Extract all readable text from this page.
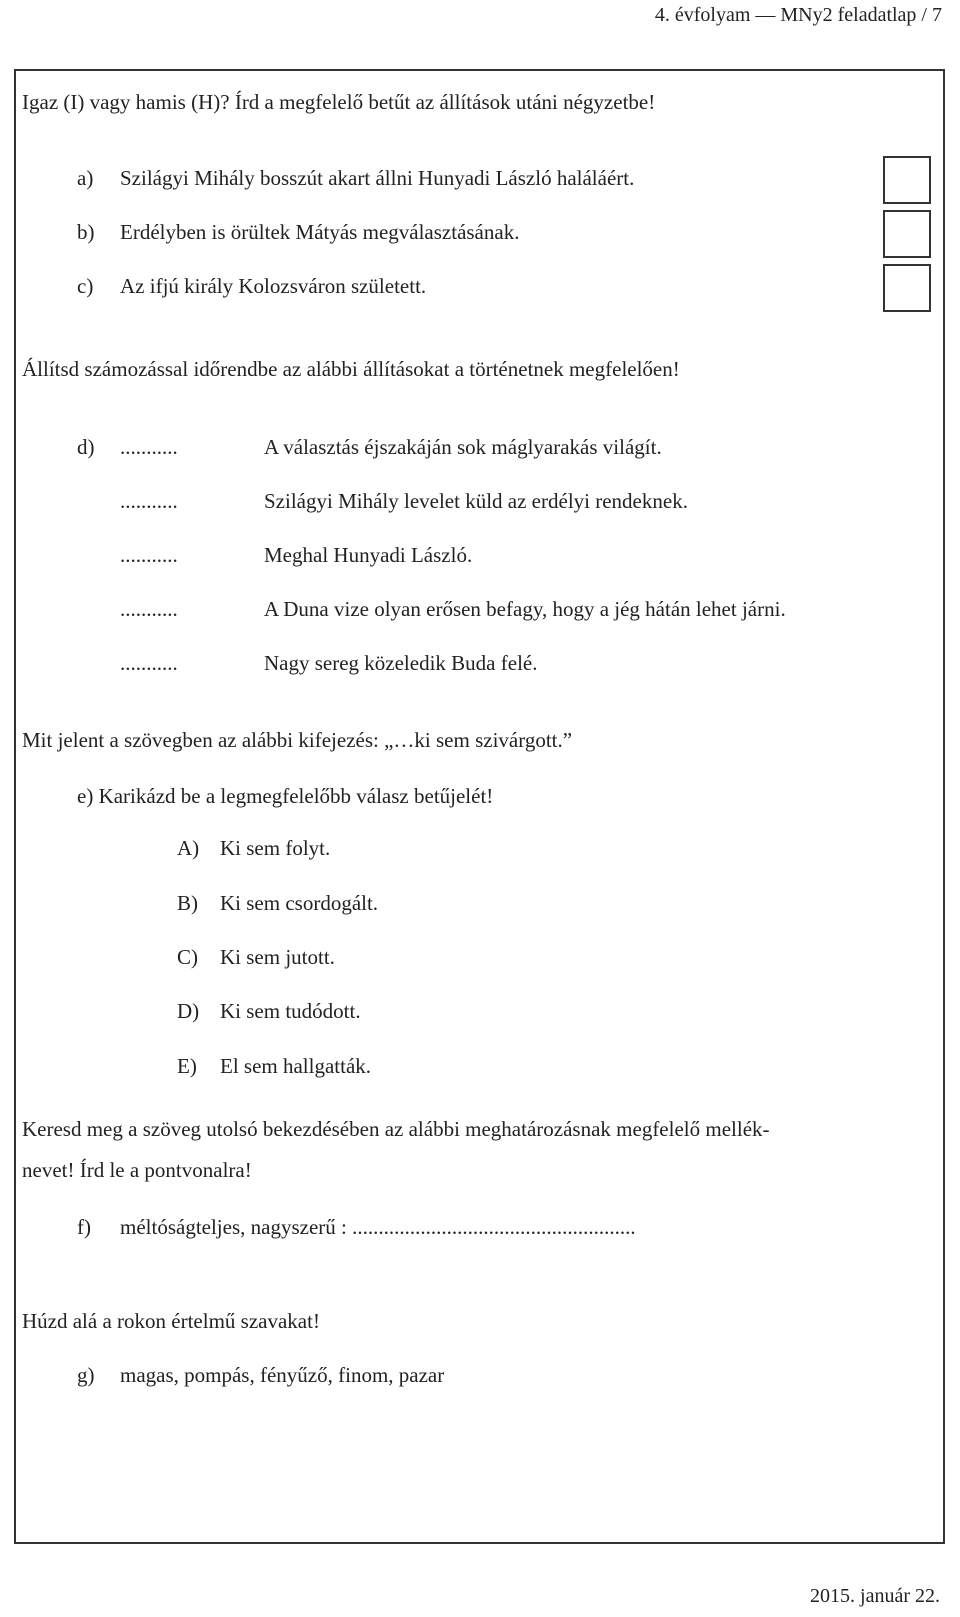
4. évfolyam — MNy2 feladatlap / 7
Igaz (I) vagy hamis (H)? Írd a megfelelő betűt az állítások utáni négyzetbe!
a) Szilágyi Mihály bosszút akart állni Hunyadi László haláláért.
b) Erdélyben is örültek Mátyás megválasztásának.
c) Az ifjú király Kolozsváron született.
Állítsd számozással időrendbe az alábbi állításokat a történetnek megfelelően!
d) ...........	A választás éjszakáján sok máglyarakás világít.
...........	Szilágyi Mihály levelet küld az erdélyi rendeknek.
...........	Meghal Hunyadi László.
...........	A Duna vize olyan erősen befagy, hogy a jég hátán lehet járni.
...........	Nagy sereg közeledik Buda felé.
Mit jelent a szövegben az alábbi kifejezés: „…ki sem szivárgott.”
e) Karikázd be a legmegfelelőbb válasz betűjelét!
A) Ki sem folyt.
B) Ki sem csordogált.
C) Ki sem jutott.
D) Ki sem tudódott.
E) El sem hallgatták.
Keresd meg a szöveg utolsó bekezdésében az alábbi meghatározásnak megfelelő mellék-
nevet! Írd le a pontvonalra!
f) méltóságteljes, nagyszerű : ......................................................
Húzd alá a rokon értelmű szavakat!
g) magas, pompás, fényűző, finom, pazar
2015. január 22.
